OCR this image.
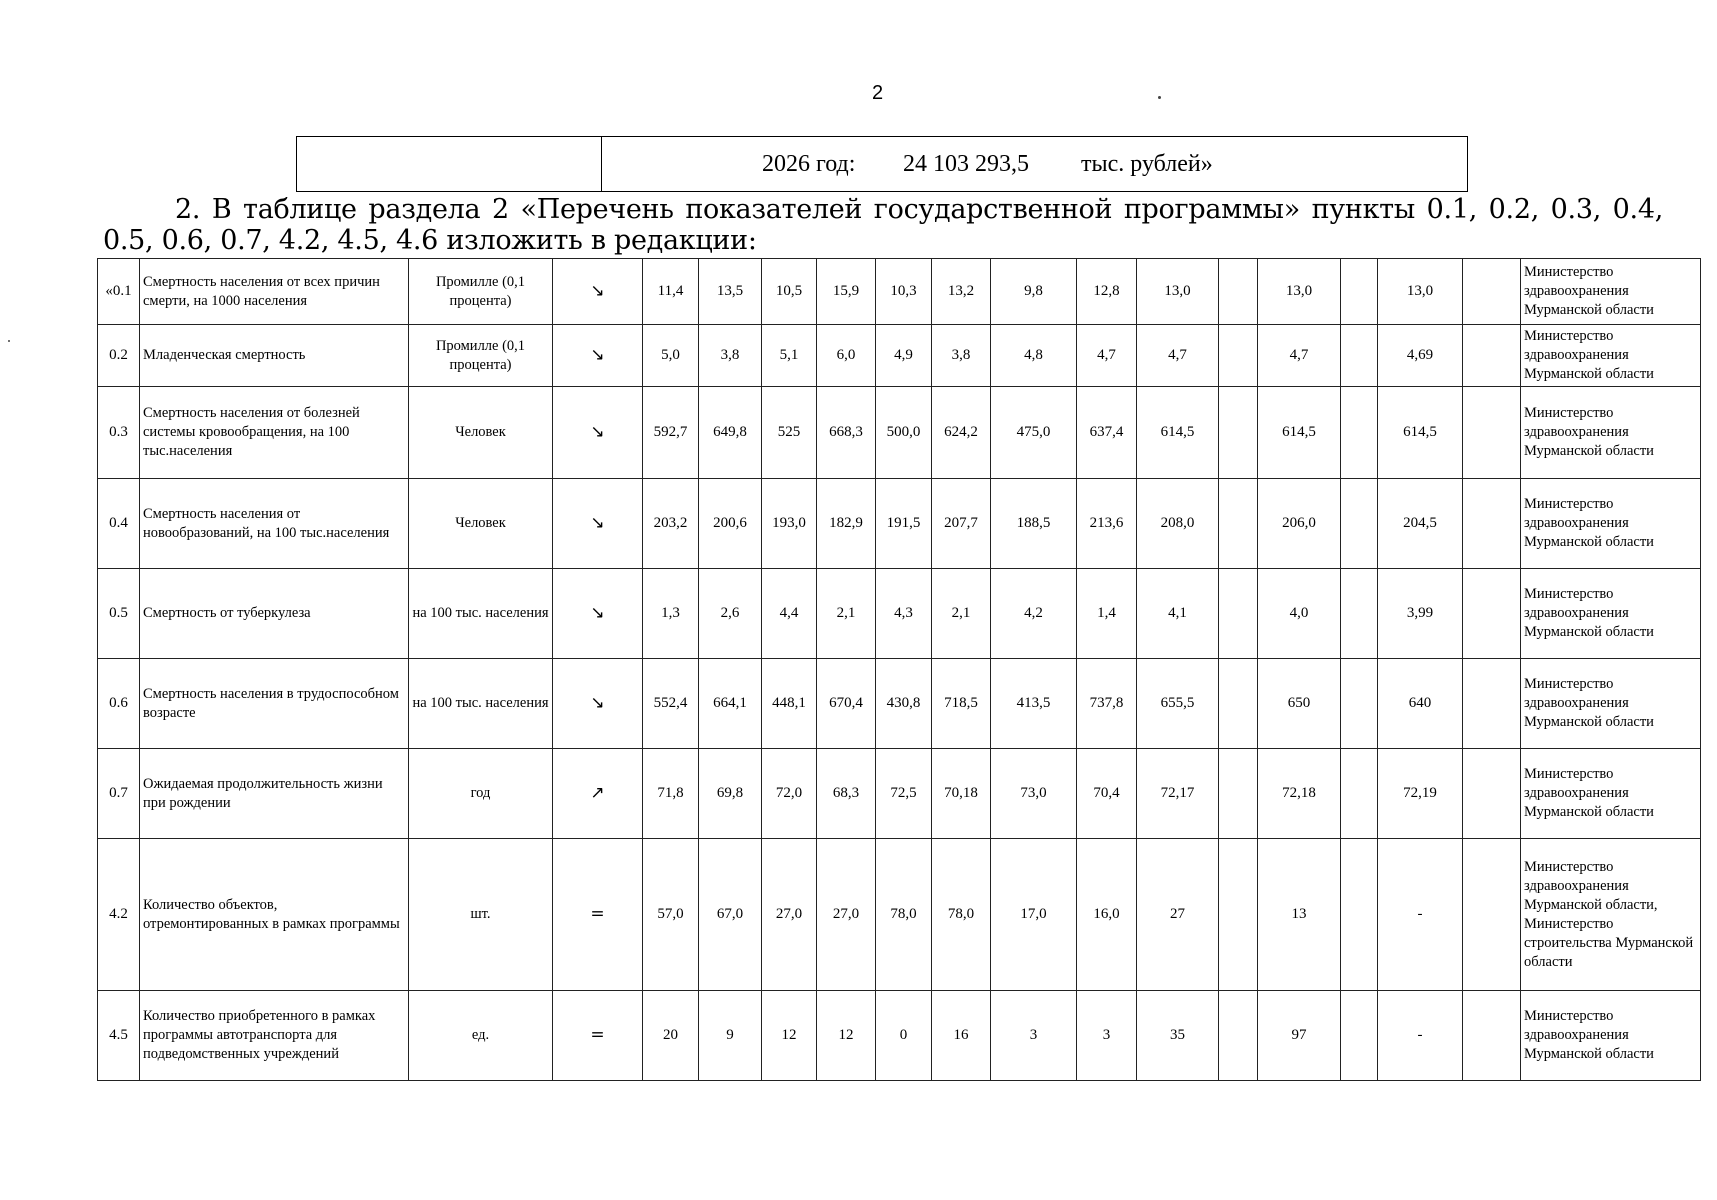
2
2026 год: 24 103 293,5 тыс. рублей»
2. В таблице раздела 2 «Перечень показателей государственной программы» пункты 0.1, 0.2, 0.3, 0.4, 0.5, 0.6, 0.7, 4.2, 4.5, 4.6 изложить в редакции:
«0.1	Смертность населения от всех причин смерти, на 1000 населения	Промилле (0,1 процента)	↘	11,4	13,5	10,5	15,9	10,3	13,2	9,8	12,8	13,0		13,0		13,0		Министерство здравоохранения Мурманской области
0.2	Младенческая смертность	Промилле (0,1 процента)	↘	5,0	3,8	5,1	6,0	4,9	3,8	4,8	4,7	4,7		4,7		4,69		Министерство здравоохранения Мурманской области
0.3	Смертность населения от болезней системы кровообращения, на 100 тыс.населения	Человек	↘	592,7	649,8	525	668,3	500,0	624,2	475,0	637,4	614,5		614,5		614,5		Министерство здравоохранения Мурманской области
0.4	Смертность населения от новообразований, на 100 тыс.населения	Человек	↘	203,2	200,6	193,0	182,9	191,5	207,7	188,5	213,6	208,0		206,0		204,5		Министерство здравоохранения Мурманской области
0.5	Смертность от туберкулеза	на 100 тыс. населения	↘	1,3	2,6	4,4	2,1	4,3	2,1	4,2	1,4	4,1		4,0		3,99		Министерство здравоохранения Мурманской области
0.6	Смертность населения в трудоспособном возрасте	на 100 тыс. населения	↘	552,4	664,1	448,1	670,4	430,8	718,5	413,5	737,8	655,5		650		640		Министерство здравоохранения Мурманской области
0.7	Ожидаемая продолжительность жизни при рождении	год	↗	71,8	69,8	72,0	68,3	72,5	70,18	73,0	70,4	72,17		72,18		72,19		Министерство здравоохранения Мурманской области
4.2	Количество объектов, отремонтированных в рамках программы	шт.	=	57,0	67,0	27,0	27,0	78,0	78,0	17,0	16,0	27		13		-		Министерство здравоохранения Мурманской области, Министерство строительства Мурманской области
4.5	Количество приобретенного в рамках программы автотранспорта для подведомственных учреждений	ед.	=	20	9	12	12	0	16	3	3	35		97		-		Министерство здравоохранения Мурманской области
